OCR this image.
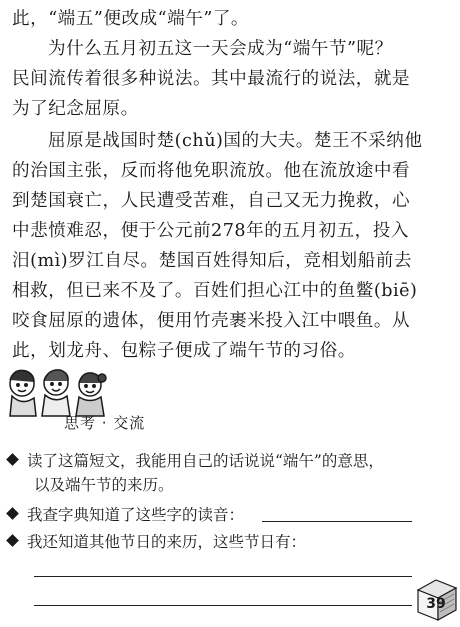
此，“端五”便改成“端午”了。
为什么五月初五这一天会成为“端午节”呢？
民间流传着很多种说法。其中最流行的说法，就是
为了纪念屈原。
屈原是战国时楚(chǔ)国的大夫。楚王不采纳他
的治国主张，反而将他免职流放。他在流放途中看
到楚国衰亡，人民遭受苦难，自己又无力挽救，心
中悲愤难忍，便于公元前278年的五月初五，投入
汨(mì)罗江自尽。楚国百姓得知后，竞相划船前去
相救，但已来不及了。百姓们担心江中的鱼鳖(biē)
咬食屈原的遗体，便用竹壳裹米投入江中喂鱼。从
此，划龙舟、包粽子便成了端午节的习俗。
思考 · 交流
读了这篇短文，我能用自己的话说说“端午”的意思，
以及端午节的来历。
我查字典知道了这些字的读音：
我还知道其他节日的来历，这些节日有：
39
